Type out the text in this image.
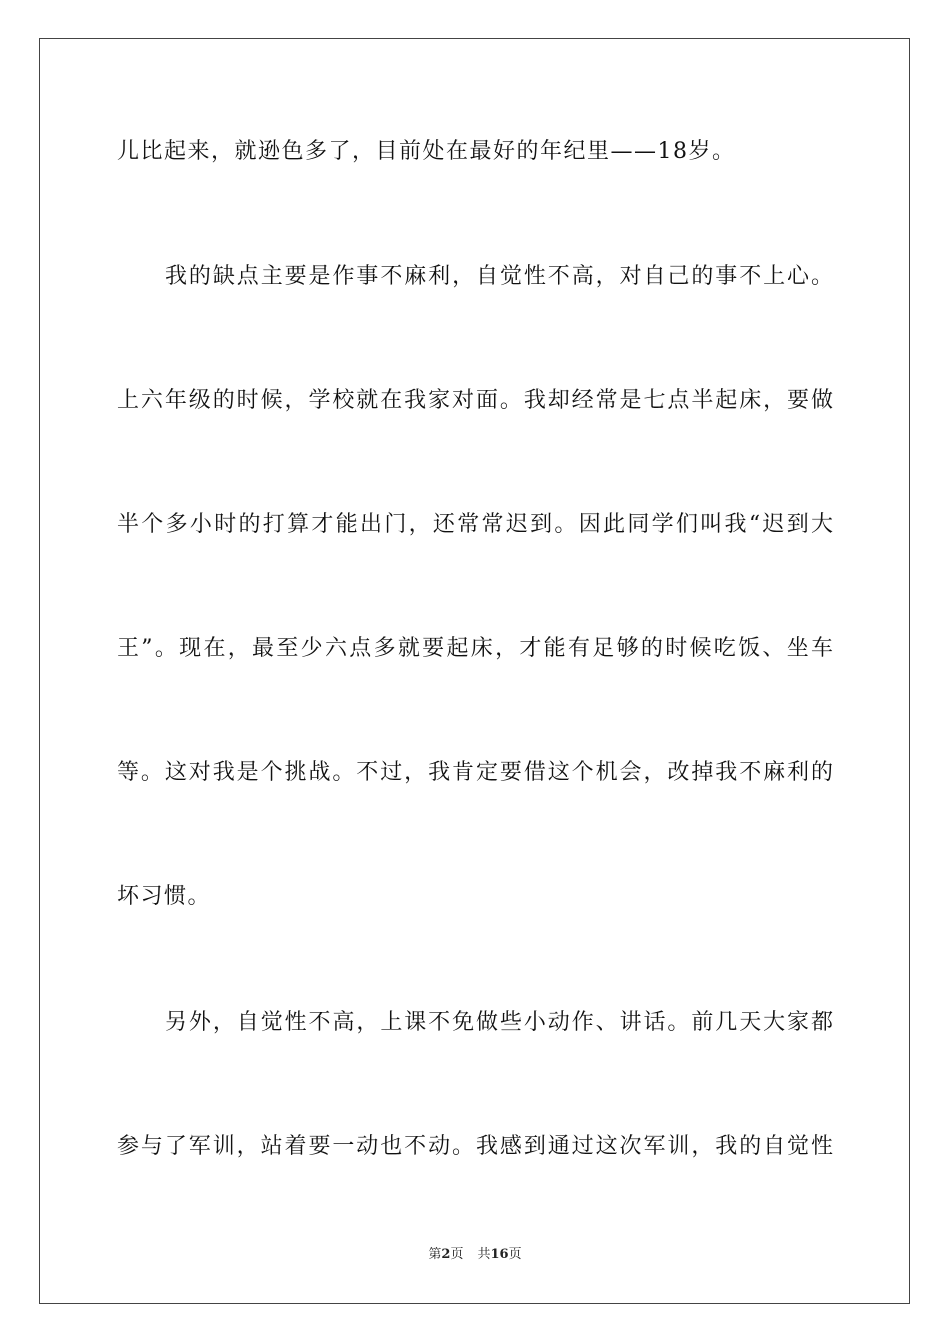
儿比起来，就逊色多了，目前处在最好的年纪里——18岁。
我的缺点主要是作事不麻利，自觉性不高，对自己的事不上心。
上六年级的时候，学校就在我家对面。我却经常是七点半起床，要做
半个多小时的打算才能出门，还常常迟到。因此同学们叫我“迟到大
王”。现在，最至少六点多就要起床，才能有足够的时候吃饭、坐车
等。这对我是个挑战。不过，我肯定要借这个机会，改掉我不麻利的
坏习惯。
另外，自觉性不高，上课不免做些小动作、讲话。前几天大家都
参与了军训，站着要一动也不动。我感到通过这次军训，我的自觉性
第2页 共16页
